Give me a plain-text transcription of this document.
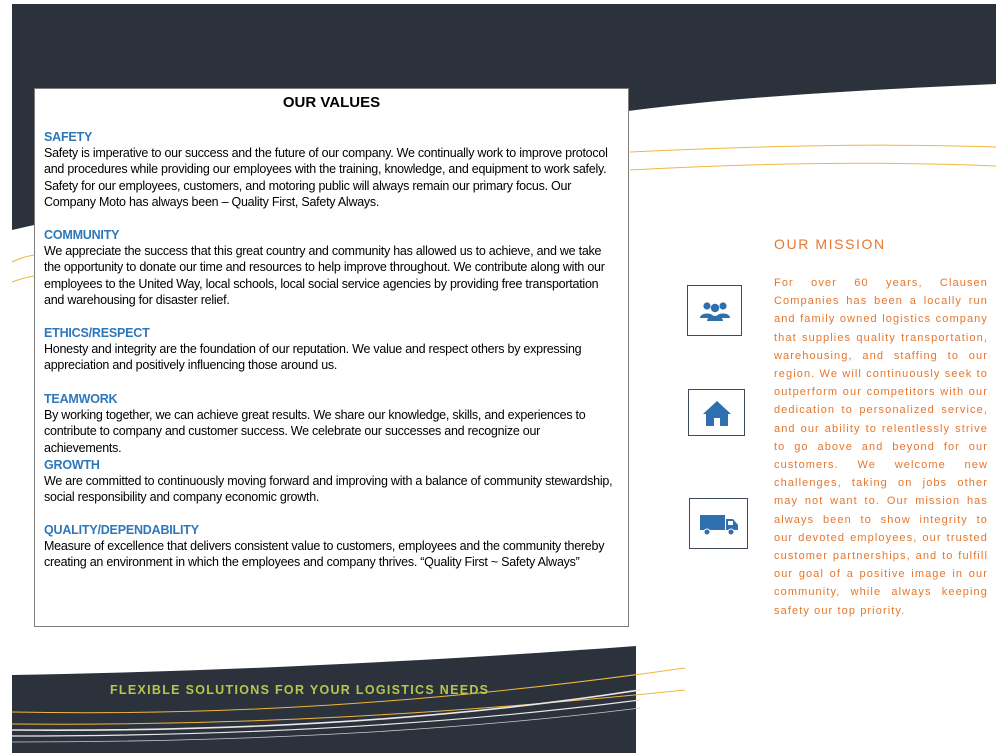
OUR VALUES
SAFETY
Safety is imperative to our success and the future of our company. We continually work to improve protocol and procedures while providing our employees with the training, knowledge, and equipment to work safely. Safety for our employees, customers, and motoring public will always remain our primary focus. Our Company Moto has always been – Quality First, Safety Always.
COMMUNITY
We appreciate the success that this great country and community has allowed us to achieve, and we take the opportunity to donate our time and resources to help improve throughout. We contribute along with our employees to the United Way, local schools, local social service agencies by providing free transportation and warehousing for disaster relief.
ETHICS/RESPECT
Honesty and integrity are the foundation of our reputation. We value and respect others by expressing appreciation and positively influencing those around us.
TEAMWORK
By working together, we can achieve great results. We share our knowledge, skills, and experiences to contribute to company and customer success. We celebrate our successes and recognize our achievements.
GROWTH
We are committed to continuously moving forward and improving with a balance of community stewardship, social responsibility and company economic growth.
QUALITY/DEPENDABILITY
Measure of excellence that delivers consistent value to customers, employees and the community thereby creating an environment in which the employees and company thrives. “Quality First ~ Safety Always”
OUR MISSION
For over 60 years, Clausen Companies has been a locally run and family owned logistics company that supplies quality transportation, warehousing, and staffing to our region. We will continuously seek to outperform our competitors with our dedication to personalized service, and our ability to relentlessly strive to go above and beyond for our customers. We welcome new challenges, taking on jobs other may not want to. Our mission has always been to show integrity to our devoted employees, our trusted customer partnerships, and to fulfill our goal of a positive image in our community, while always keeping safety our top priority.
FLEXIBLE SOLUTIONS FOR YOUR LOGISTICS NEEDS
